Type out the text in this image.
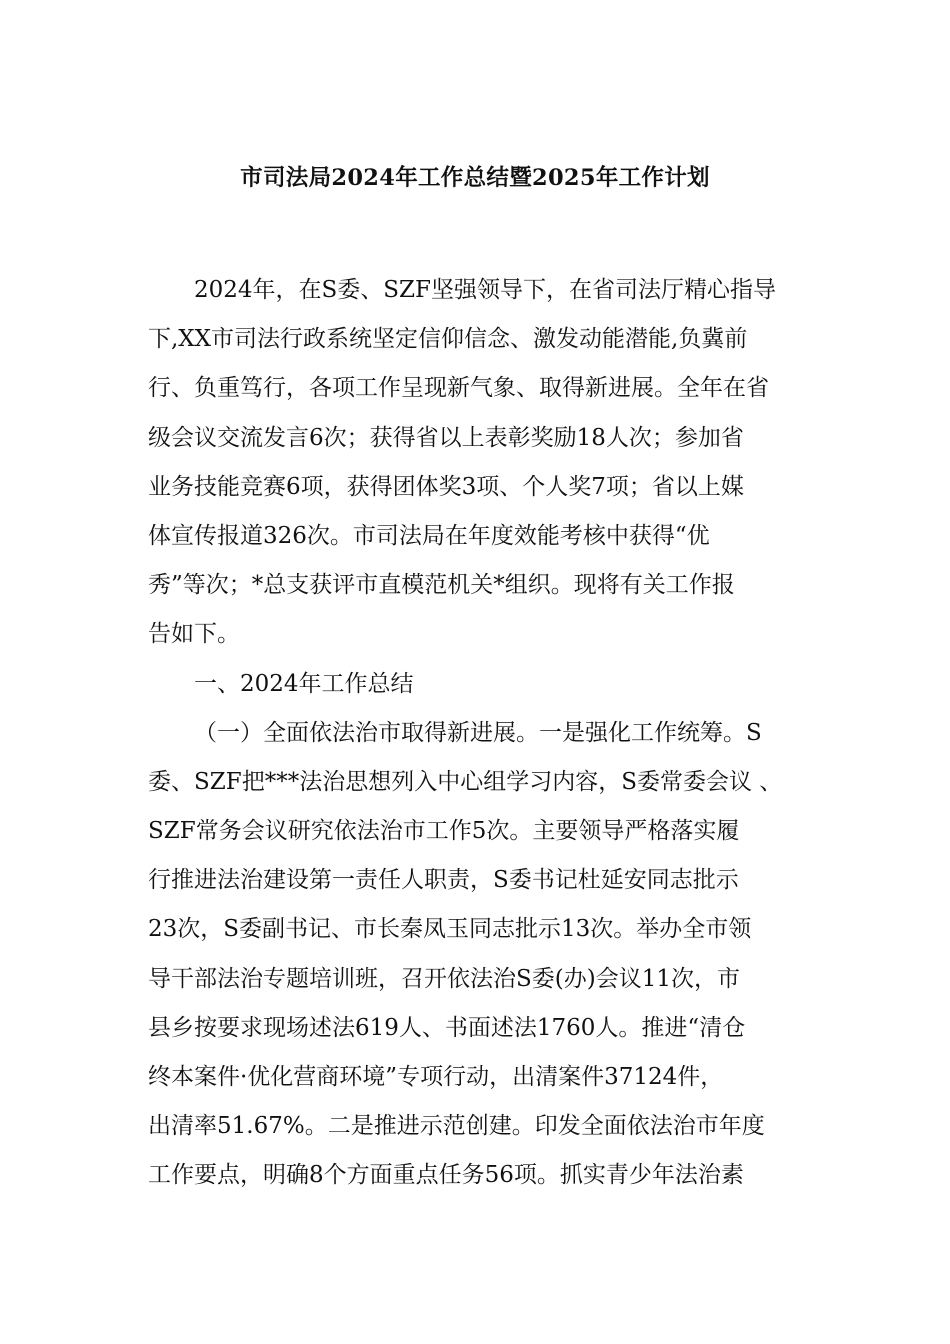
市司法局2024年工作总结暨2025年工作计划
2024年，在S委、SZF坚强领导下，在省司法厅精心指导
下,XX市司法行政系统坚定信仰信念、激发动能潜能,负冀前
行、负重笃行，各项工作呈现新气象、取得新进展。全年在省
级会议交流发言6次；获得省以上表彰奖励18人次；参加省
业务技能竞赛6项，获得团体奖3项、个人奖7项；省以上媒
体宣传报道326次。市司法局在年度效能考核中获得“优
秀”等次；*总支获评市直模范机关*组织。现将有关工作报
告如下。
一、2024年工作总结
（一）全面依法治市取得新进展。一是强化工作统筹。S
委、SZF把***法治思想列入中心组学习内容，S委常委会议 、
SZF常务会议研究依法治市工作5次。主要领导严格落实履
行推进法治建设第一责任人职责，S委书记杜延安同志批示
23次，S委副书记、市长秦凤玉同志批示13次。举办全市领
导干部法治专题培训班，召开依法治S委(办)会议11次，市
县乡按要求现场述法619人、书面述法1760人。推进“清仓
终本案件·优化营商环境”专项行动，出清案件37124件，
出清率51.67%。二是推进示范创建。印发全面依法治市年度
工作要点，明确8个方面重点任务56项。抓实青少年法治素
